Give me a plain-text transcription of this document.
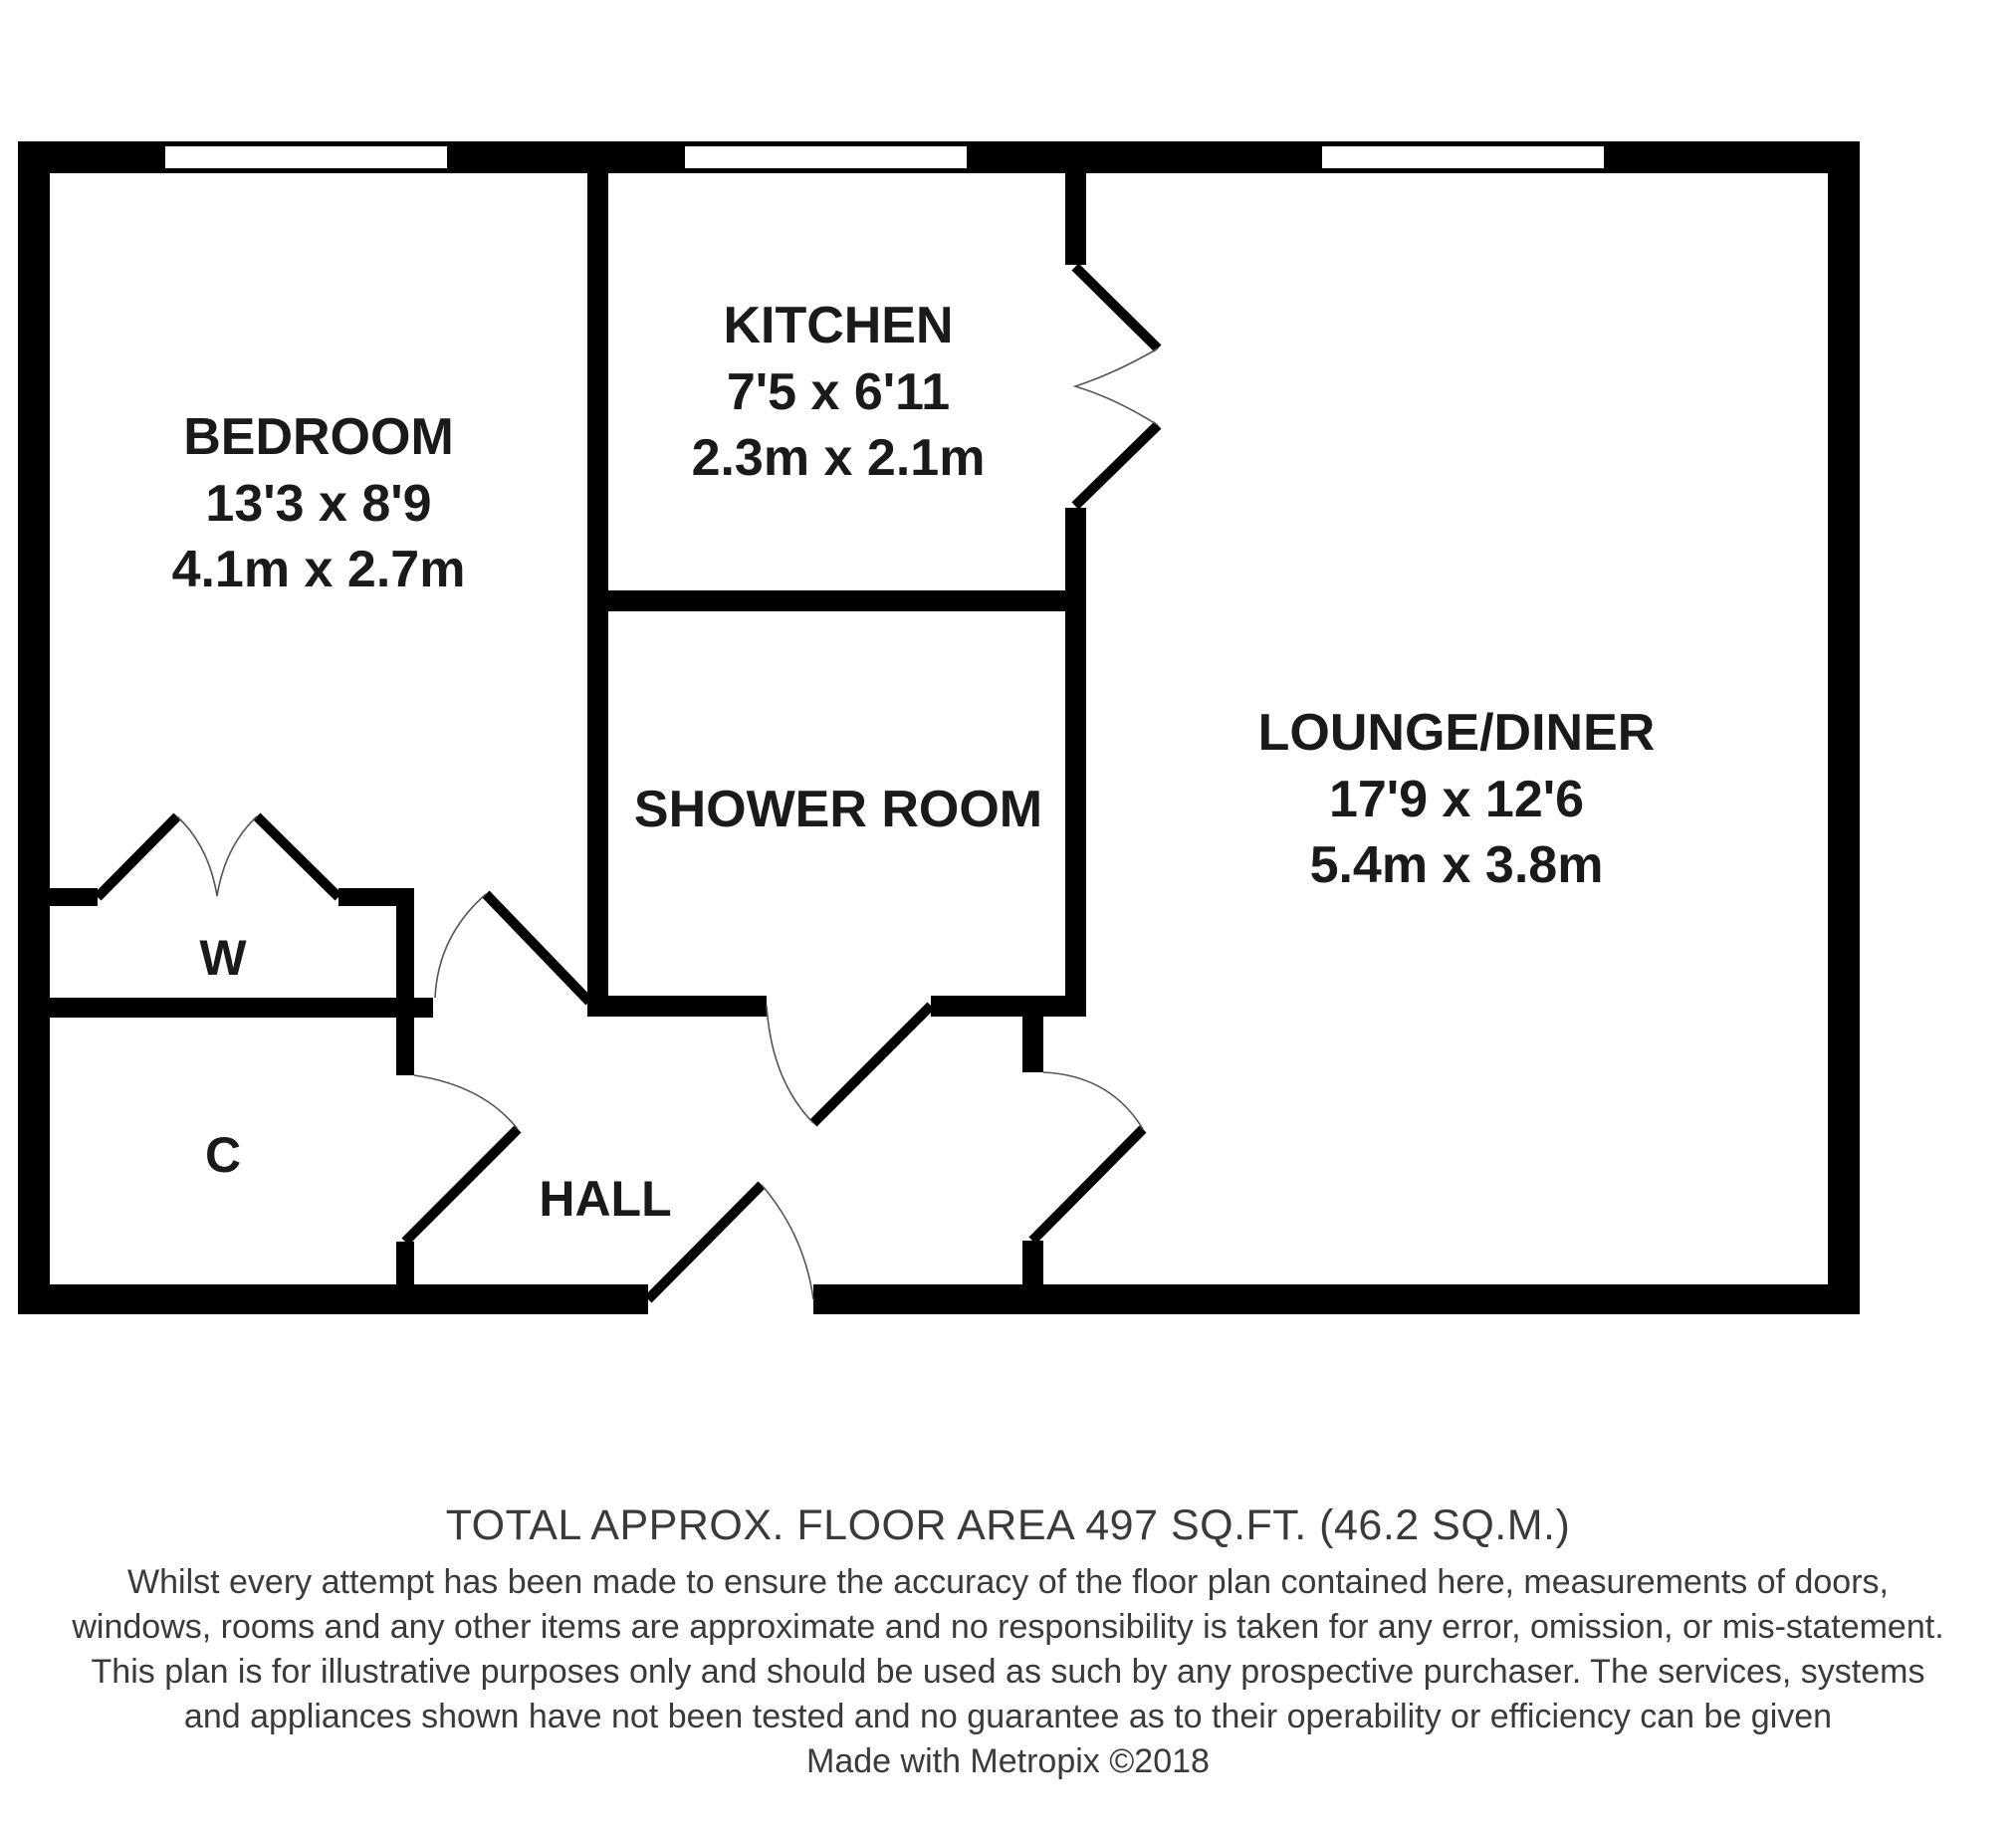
BEDROOM
13'3 x 8'9
4.1m x 2.7m
KITCHEN
7'5 x 6'11
2.3m x 2.1m
SHOWER ROOM
LOUNGE/DINER
17'9 x 12'6
5.4m x 3.8m
W
C
HALL
TOTAL APPROX. FLOOR AREA 497 SQ.FT. (46.2 SQ.M.)
Whilst every attempt has been made to ensure the accuracy of the floor plan contained here, measurements of doors, windows, rooms and any other items are approximate and no responsibility is taken for any error, omission, or mis-statement. This plan is for illustrative purposes only and should be used as such by any prospective purchaser. The services, systems and appliances shown have not been tested and no guarantee as to their operability or efficiency can be given
Made with Metropix ©2018
